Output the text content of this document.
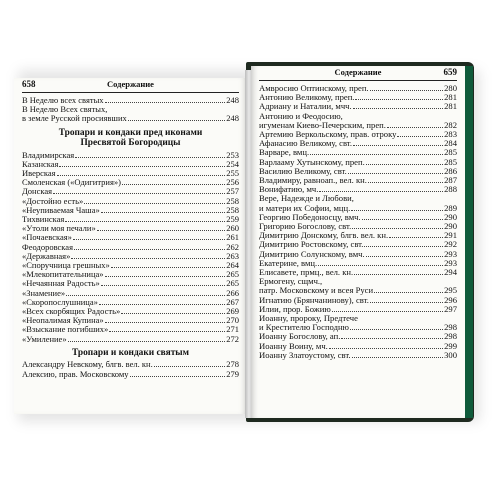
658	Содержание
В Неделю всех святых	248
В Неделю Всех святых,
в земле Русской просиявших	248
Тропари и кондаки пред иконами
Пресвятой Богородицы
Владимирская	253
Казанская	254
Иверская	255
Смоленская («Одигитрия»)	256
Донская	257
«Достойно есть»	258
«Неупиваемая Чаша»	258
Тихвинская	259
«Утоли моя печали»	260
«Почаевская»	261
Феодоровская	262
«Державная»	263
«Споручница грешных»	264
«Млекопитательница»	265
«Нечаянная Радость»	265
«Знамение»	266
«Скоропослушница»	267
«Всех скорбящих Радость»	269
«Неопалимая Купина»	270
«Взыскание погибших»	271
«Умиление»	272
Тропари и кондаки святым
Александру Невскому, блгв. вел. кн.	278
Алексию, прав. Московскому	279
Содержание	659
Амвросию Оптинскому, преп.	280
Антонию Великому, преп.	281
Адриану и Наталии, мчч.	281
Антонию и Феодосию,
игуменам Киево-Печерским, преп.	282
Артемию Веркольскому, прав. отроку	283
Афанасию Великому, свт.	284
Варваре, вмц.	285
Варлааму Хутынскому, преп.	285
Василию Великому, свт.	286
Владимиру, равноап., вел. кн.	287
Вонифатию, мч.	288
Вере, Надежде и Любови,
и матери их Софии, мцц.	289
Георгию Победоносцу, вмч.	290
Григорию Богослову, свт.	290
Димитрию Донскому, блгв. вел. кн.	291
Димитрию Ростовскому, свт.	292
Димитрию Солунскому, вмч.	293
Екатерине, вмц.	293
Елисавете, прмц., вел. кн.	294
Ермогену, сщмч.,
патр. Московскому и всея Руси	295
Игнатию (Брянчанинову), свт.	296
Илии, прор. Божию	297
Иоанну, пророку, Предтече
и Крестителю Господню	298
Иоанну Богослову, ап.	298
Иоанну Воину, мч.	299
Иоанну Златоустому, свт.	300
